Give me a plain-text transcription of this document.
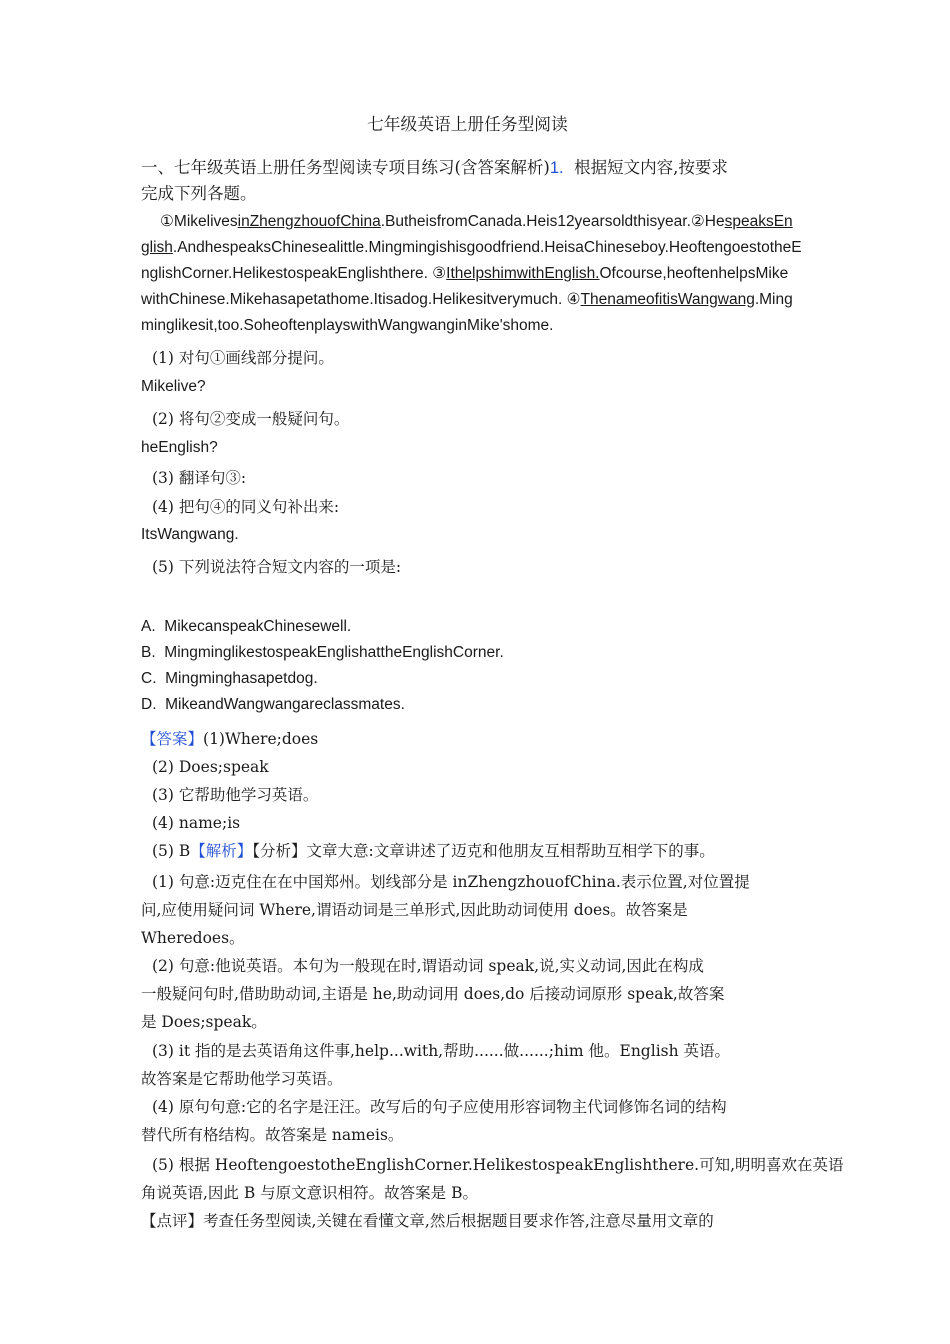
七年级英语上册任务型阅读
一、七年级英语上册任务型阅读专项目练习(含答案解析)1. 根据短文内容,按要求
完成下列各题。
①MikelivesinZhengzhouofChina.ButheisfromCanada.Heis12yearsoldthisyear.②HespeaksEn
glish.AndhespeaksChinesealittle.Mingmingishisgoodfriend.HeisaChineseboy.HeoftengoestotheE
nglishCorner.HelikestospeakEnglishthere. ③IthelpshimwithEnglish.Ofcourse,heoftenhelpsMike
withChinese.Mikehasapetathome.Itisadog.Helikesitverymuch. ④ThenameofitisWangwang.Ming
minglikesit,too.SoheoftenplayswithWangwanginMike'shome.
(1) 对句①画线部分提问。
Mikelive?
(2) 将句②变成一般疑问句。
heEnglish?
(3) 翻译句③:
(4) 把句④的同义句补出来:
ItsWangwang.
(5) 下列说法符合短文内容的一项是:
A. MikecanspeakChinesewell.
B. MingminglikestospeakEnglishattheEnglishCorner.
C. Mingminghasapetdog.
D. MikeandWangwangareclassmates.
【答案】(1)Where;does
(2) Does;speak
(3) 它帮助他学习英语。
(4) name;is
(5) B【解析】【分析】文章大意:文章讲述了迈克和他朋友互相帮助互相学下的事。
(1) 句意:迈克住在在中国郑州。划线部分是 inZhengzhouofChina.表示位置,对位置提
问,应使用疑问词 Where,谓语动词是三单形式,因此助动词使用 does。故答案是
Wheredoes。
(2) 句意:他说英语。本句为一般现在时,谓语动词 speak,说,实义动词,因此在构成
一般疑问句时,借助助动词,主语是 he,助动词用 does,do 后接动词原形 speak,故答案
是 Does;speak。
(3) it 指的是去英语角这件事,help...with,帮助......做......;him 他。English 英语。
故答案是它帮助他学习英语。
(4) 原句句意:它的名字是汪汪。改写后的句子应使用形容词物主代词修饰名词的结构
替代所有格结构。故答案是 nameis。
(5) 根据 HeoftengoestotheEnglishCorner.HelikestospeakEnglishthere.可知,明明喜欢在英语
角说英语,因此 B 与原文意识相符。故答案是 B。
【点评】考查任务型阅读,关键在看懂文章,然后根据题目要求作答,注意尽量用文章的
